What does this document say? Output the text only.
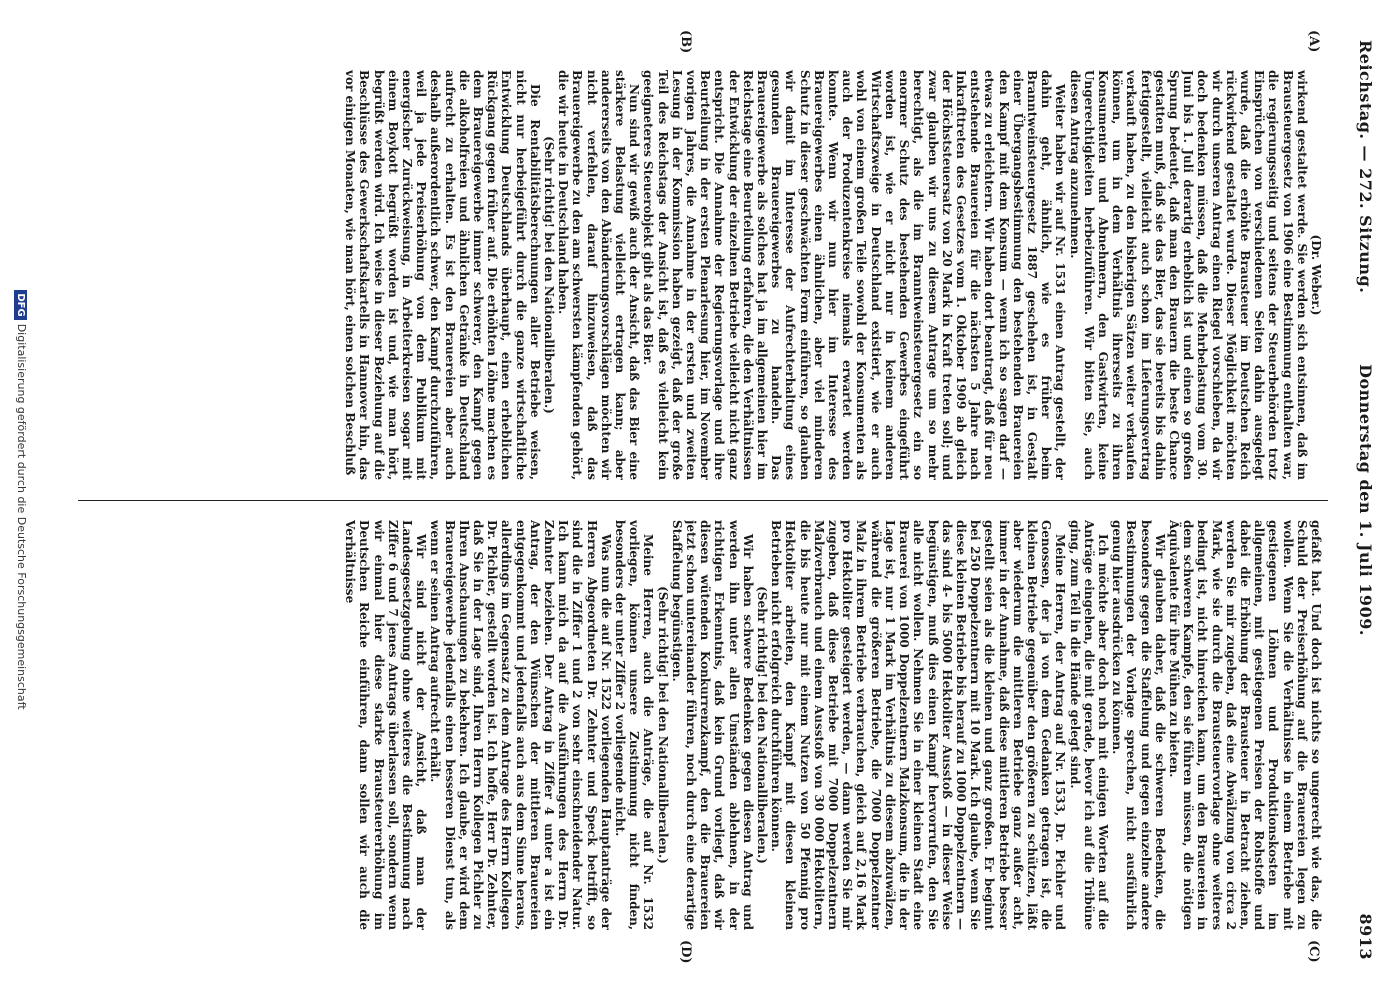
Reichstag. — 272. Sitzung.
Donnerstag den 1. Juli 1909.
8913
(A)
(B)
(C)
(D)

(Dr. Weber.)

wirkend gestaltet werde. Sie werden sich entsinnen, daß im Brausteuergesetz von 1906 eine Bestimmung enthalten war, die regierungsseitig und seitens der Steuerbehörden trotz Einsprüchen von verschiedenen Seiten dahin ausgelegt wurde, daß die erhöhte Brausteuer im Deutschen Reich rückwirkend gestaltet wurde. Dieser Möglichkeit möchten wir durch unseren Antrag einen Riegel vorschieben, da wir doch bedenken müssen, daß die Mehrbelastung vom 30. Juni bis 1. Juli derartig erheblich ist und einen so großen Sprung bedeutet, daß man den Brauern die beste Chance gestatten muß, daß sie das Bier, das sie bereits bis dahin fertiggestellt, vielleicht auch schon im Lieferungsvertrag verkauft haben, zu den bisherigen Sätzen weiter verkaufen können, um in dem Verhältnis ihrerseits zu ihren Konsumenten und Abnehmern, den Gastwirten, keine Ungerechtigkeiten herbeizuführen. Wir bitten Sie, auch diesen Antrag anzunehmen.

Weiter haben wir auf Nr. 1531 einen Antrag gestellt, der dahin geht, ähnlich, wie es früher beim Branntweinsteuergesetz 1887 geschehen ist, in Gestalt einer Übergangsbestimmung den bestehenden Brauereien den Kampf mit dem Konsum — wenn ich so sagen darf — etwas zu erleichtern. Wir haben dort beantragt, daß für neu entstehende Brauereien für die nächsten 5 Jahre nach Inkrafttreten des Gesetzes vom 1. Oktober 1909 ab gleich der Höchststeuersatz von 20 Mark in Kraft treten soll; und zwar glauben wir uns zu diesem Antrage um so mehr berechtigt, als die im Branntweinsteuergesetz ein so enormer Schutz des bestehenden Gewerbes eingeführt worden ist, wie er nicht nur in keinem anderen Wirtschaftszweige in Deutschland existiert, wie er auch wohl von einem großen Teile sowohl der Konsumenten als auch der Produzentenkreise niemals erwartet werden konnte. Wenn wir nun hier im Interesse des Brauereigewerbes einen ähnlichen, aber viel minderen Schutz in dieser geschwächten Form einführen, so glauben wir damit im Interesse der Aufrechterhaltung eines gesunden Brauereigewerbes zu handeln. Das Brauereigewerbe als solches hat ja im allgemeinen hier im Reichstage eine Beurteilung erfahren, die den Verhältnissen der Entwicklung der einzelnen Betriebe vielleicht nicht ganz entspricht. Die Annahme der Regierungsvorlage und ihre Beurteilung in der ersten Plenarlesung hier, im November vorigen Jahres, die Annahme in der ersten und zweiten Lesung in der Kommission haben gezeigt, daß der große Teil des Reichstags der Ansicht ist, daß es vielleicht kein geeigneteres Steuerobjekt gibt als das Bier.

Nun sind wir gewiß auch der Ansicht, daß das Bier eine stärkere Belastung vielleicht ertragen kann; aber andererseits von den Abänderungsvorschlägen möchten wir nicht verfehlen, darauf hinzuweisen, daß das Brauereigewerbe zu den am schwersten kämpfenden gehört, die wir heute in Deutschland haben.

(Sehr richtig! bei den Nationalliberalen.)

Die Rentabilitätsberechnungen aller Betriebe weisen, nicht nur herbeigeführt durch die ganze wirtschaftliche Entwicklung Deutschlands überhaupt, einen erheblichen Rückgang gegen früher auf. Die erhöhten Löhne machen es dem Brauereigewerbe immer schwerer, den Kampf gegen die alkoholfreien und ähnlichen Getränke in Deutschland aufrecht zu erhalten. Es ist den Brauereien aber auch deshalb außerordentlich schwer, den Kampf durchzuführen, weil ja jede Preiserhöhung von dem Publikum mit energischer Zurückweisung, in Arbeiterkreisen sogar mit einem Boykott begrüßt worden ist und, wie man hört, begrüßt werden wird. Ich weise in dieser Beziehung auf die Beschlüsse des Gewerkschaftskartells in Hannover hin, das vor einigen Monaten, wie man hört, einen solchen Beschluß

gefaßt hat. Und doch ist nichts so ungerecht wie das, die Schuld der Preiserhöhung auf die Brauereien legen zu wollen. Wenn Sie die Verhältnisse in einem Betriebe mit gestiegenen Löhnen und Produktionskosten im allgemeinen, mit gestiegenen Preisen der Rohstoffe und dabei die Erhöhung der Brausteuer in Betracht ziehen, werden Sie mir zugeben, daß eine Abwälzung von circa 2 Mark, wie sie durch die Brausteuervorlage ohne weiteres bedingt ist, nicht hinreichen kann, um den Brauereien in dem schweren Kampfe, den sie führen müssen, die nötigen Äquivalente für ihre Mühen zu bieten.

Wir glauben daher, daß die schweren Bedenken, die besonders gegen die Staffelung und gegen einzelne andere Bestimmungen der Vorlage sprechen, nicht ausführlich genug hier ausdrücken zu können.

Ich möchte aber doch noch mit einigen Worten auf die Anträge eingehen, die mit gerade, bevor ich auf die Tribüne ging, zum Teil in die Hände gelegt sind.

Meine Herren, der Antrag auf Nr. 1533, Dr. Pichler und Genossen, der ja von dem Gedanken getragen ist, die kleinen Betriebe gegenüber den größeren zu schützen, läßt aber wiederum die mittleren Betriebe ganz außer acht, immer in der Annahme, daß diese mittleren Betriebe besser gestellt seien als die kleinen und ganz großen. Er beginnt bei 250 Doppelzentnern mit 10 Mark. Ich glaube, wenn Sie diese kleinen Betriebe bis herauf zu 1000 Doppelzentnern — das sind 4- bis 5000 Hektoliter Ausstoß — in dieser Weise begünstigen, muß dies einen Kampf hervorrufen, den Sie alle nicht wollen. Nehmen Sie in einer kleinen Stadt eine Brauerei von 1000 Doppelzentnern Malzkonsum, die in der Lage ist, nur 1 Mark im Verhältnis zu diesem abzuwälzen, während die größeren Betriebe, die 7000 Doppelzentner Malz in ihrem Betriebe verbrauchen, gleich auf 2,16 Mark pro Hektoliter gesteigert werden, — dann werden Sie mir zugeben, daß diese Betriebe mit 7000 Doppelzentnern Malzverbrauch und einem Ausstoß von 30 000 Hektolitern, die bis heute nur mit einem Nutzen von 50 Pfennig pro Hektoliter arbeiten, den Kampf mit diesen kleinen Betrieben nicht erfolgreich durchführen können.

(Sehr richtig! bei den Nationalliberalen.)

Wir haben schwere Bedenken gegen diesen Antrag und werden ihn unter allen Umständen ablehnen, in der richtigen Erkenntnis, daß kein Grund vorliegt, daß wir diesen wütenden Konkurrenzkampf, den die Brauereien jetzt schon untereinander führen, noch durch eine derartige Staffelung begünstigen.

(Sehr richtig! bei den Nationalliberalen.)

Meine Herren, auch die Anträge, die auf Nr. 1532 vorliegen, können unsere Zustimmung nicht finden, besonders der unter Ziffer 2 vorliegende nicht.

Was nun die auf Nr. 1522 vorliegenden Hauptanträge der Herren Abgeordneten Dr. Zehnter und Speck betrifft, so sind die in Ziffer 1 und 2 von sehr einschneidender Natur. Ich kann mich da auf die Ausführungen des Herrn Dr. Zehnter beziehen. Der Antrag in Ziffer 4 unter a ist ein Antrag, der den Wünschen der mittleren Brauereien entgegenkommt und jedenfalls auch aus dem Sinne heraus, allerdings im Gegensatz zu dem Antrage des Herrn Kollegen Dr. Pichler, gestellt worden ist. Ich hoffe, Herr Dr. Zehnter, daß Sie in der Lage sind, Ihren Herrn Kollegen Pichler zu Ihren Anschauungen zu bekehren. Ich glaube, er wird dem Brauereigewerbe jedenfalls einen besseren Dienst tun, als wenn er seinen Antrag aufrecht erhält.

Wir sind nicht der Ansicht, daß man der Landesgesetzgebung ohne weiteres die Bestimmung nach Ziffer 6 und 7 jenes Antrags überlassen soll, sondern wenn wir einmal hier diese starke Brausteuererhöhung im Deutschen Reiche einführen, dann sollen wir auch die Verhältnisse

DFGDigitalisierung gefördert durch die Deutsche Forschungsgemeinschaft
